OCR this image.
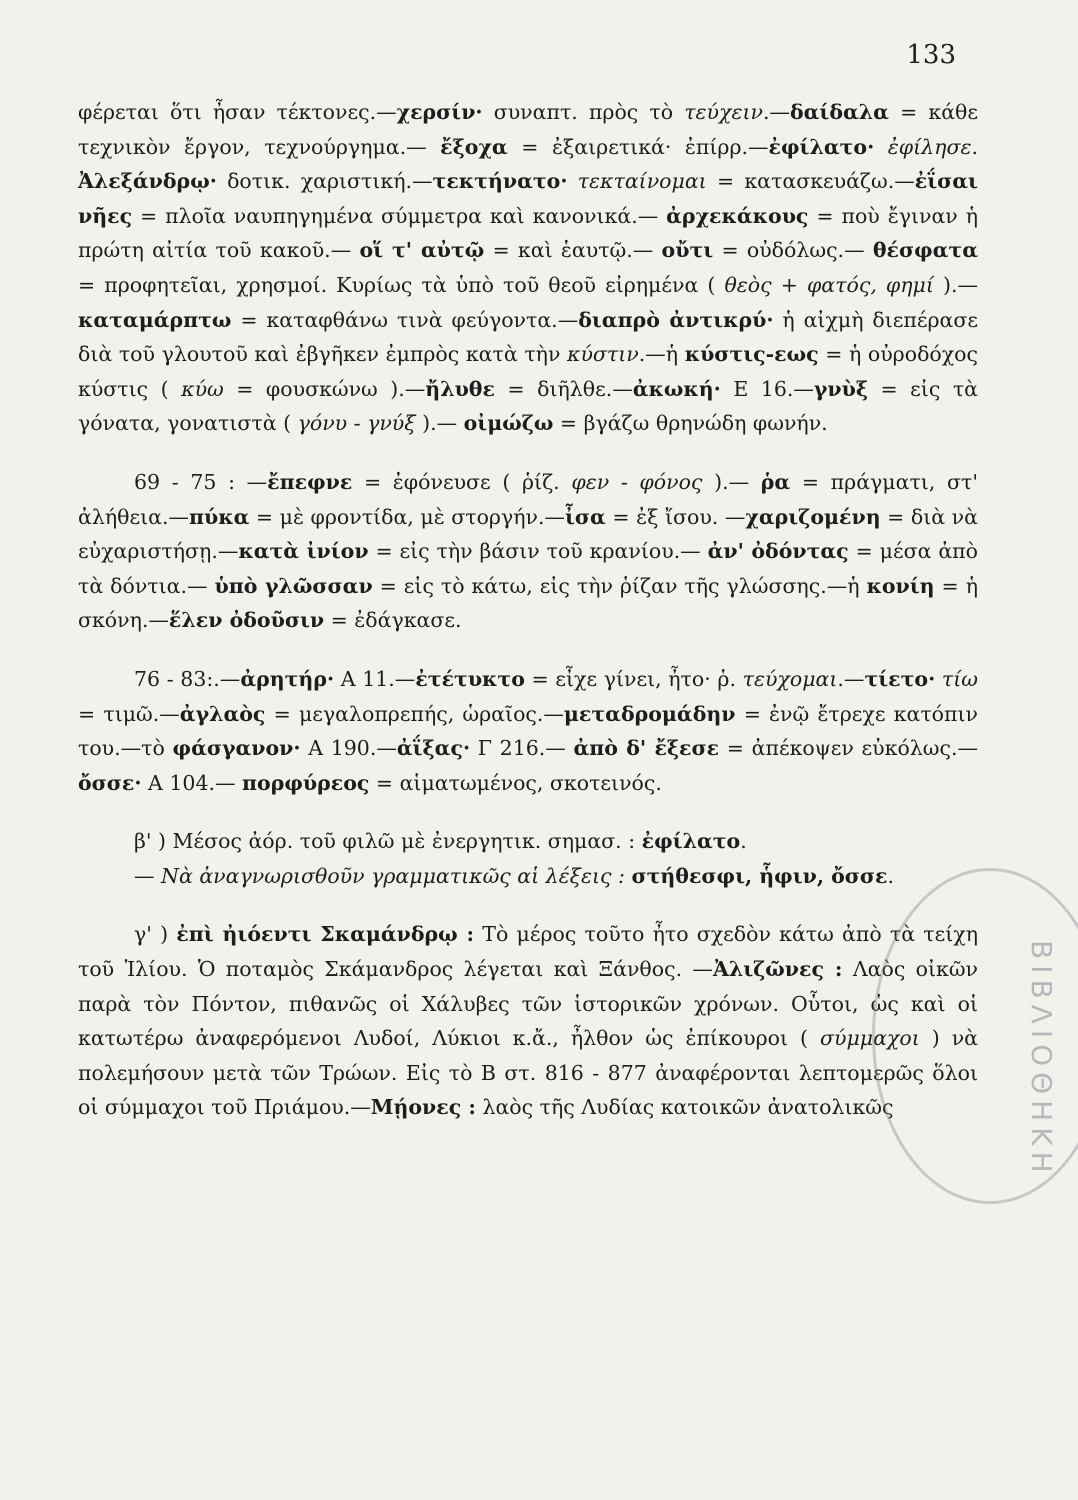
133

φέρεται ὅτι ἦσαν τέκτονες.—χερσίν· συναπτ. πρὸς τὸ τεύχειν.—δαίδαλα = κάθε τεχνικὸν ἔργον, τεχνούργημα.— ἔξοχα = ἐξαιρετικά· ἐπίρρ.—ἐφίλατο· ἐφίλησε. Ἀλεξάνδρῳ· δοτικ. χαριστική.—τεκτήνατο· τεκταίνομαι = κατασκευάζω.—ἐΐσαι νῆες = πλοῖα ναυπηγημένα σύμμετρα καὶ κανονικά.— ἀρχεκάκους = ποὺ ἔγιναν ἡ πρώτη αἰτία τοῦ κακοῦ.— οἵ τ' αὐτῷ = καὶ ἑαυτῷ.— οὔτι = οὐδόλως.— θέσφατα = προφητεῖαι, χρησμοί. Κυρίως τὰ ὑπὸ τοῦ θεοῦ εἰρημένα ( θεὸς + φατός, φημί ).—καταμάρπτω = καταφθάνω τινὰ φεύγοντα.—διαπρὸ ἀντικρύ· ἡ αἰχμὴ διεπέρασε διὰ τοῦ γλουτοῦ καὶ ἐβγῆκεν ἐμπρὸς κατὰ τὴν κύστιν.—ἡ κύστις-εως = ἡ οὐροδόχος κύστις ( κύω = φουσκώνω ).—ἤλυθε = διῆλθε.—ἀκωκή· Ε 16.—γνὺξ = εἰς τὰ γόνατα, γονατιστὰ ( γόνυ - γνύξ ).— οἰμώζω = βγάζω θρηνώδη φωνήν.

69 - 75 : —ἔπεφνε = ἐφόνευσε ( ῥίζ. φεν - φόνος ).— ῥα = πράγματι, στ' ἀλήθεια.—πύκα = μὲ φροντίδα, μὲ στοργήν.—ἶσα = ἐξ ἴσου. —χαριζομένη = διὰ νὰ εὐχαριστήσῃ.—κατὰ ἰνίον = εἰς τὴν βάσιν τοῦ κρανίου.— ἀν' ὀδόντας = μέσα ἀπὸ τὰ δόντια.— ὑπὸ γλῶσσαν = εἰς τὸ κάτω, εἰς τὴν ῥίζαν τῆς γλώσσης.—ἡ κονίη = ἡ σκόνη.—ἕλεν ὀδοῦσιν = ἐδάγκασε.

76 - 83:.—ἀρητήρ· Α 11.—ἐτέτυκτο = εἶχε γίνει, ἦτο· ῥ. τεύχομαι.—τίετο· τίω = τιμῶ.—ἀγλαὸς = μεγαλοπρεπής, ὡραῖος.—μεταδρομάδην = ἐνῷ ἔτρεχε κατόπιν του.—τὸ φάσγανον· Α 190.—ἀΐξας· Γ 216.— ἀπὸ δ' ἔξεσε = ἀπέκοψεν εὐκόλως.—ὄσσε· Α 104.— πορφύρεος = αἱματωμένος, σκοτεινός.

β' ) Μέσος ἀόρ. τοῦ φιλῶ μὲ ἐνεργητικ. σημασ. : ἐφίλατο.

— Νὰ ἀναγνωρισθοῦν γραμματικῶς αἱ λέξεις : στήθεσφι, ἧφιν, ὄσσε.

γ' ) ἐπὶ ἠιόεντι Σκαμάνδρῳ : Τὸ μέρος τοῦτο ἦτο σχεδὸν κάτω ἀπὸ τὰ τείχη τοῦ Ἰλίου. Ὁ ποταμὸς Σκάμανδρος λέγεται καὶ Ξάνθος. —Ἀλιζῶνες : Λαὸς οἰκῶν παρὰ τὸν Πόντον, πιθανῶς οἱ Χάλυβες τῶν ἱστορικῶν χρόνων. Οὗτοι, ὡς καὶ οἱ κατωτέρω ἀναφερόμενοι Λυδοί, Λύκιοι κ.ἄ., ἦλθον ὡς ἐπίκουροι ( σύμμαχοι ) νὰ πολεμήσουν μετὰ τῶν Τρώων. Εἰς τὸ Β στ. 816 - 877 ἀναφέρονται λεπτομερῶς ὅλοι οἱ σύμμαχοι τοῦ Πριάμου.—Μῄονες : λαὸς τῆς Λυδίας κατοικῶν ἀνατολικῶς	ΒΙΒΛΙΟΘΗΚΗ
